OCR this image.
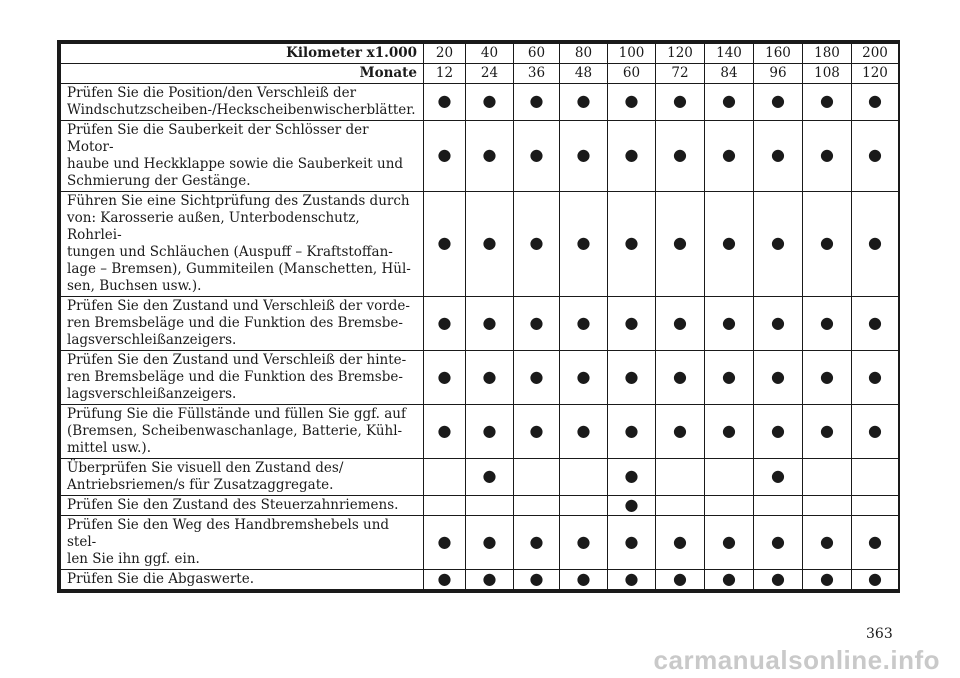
Kilometer x1.000	20	40	60	80	100	120	140	160	180	200
Monate	12	24	36	48	60	72	84	96	108	120
Prüfen Sie die Position/den Verschleiß der
Windschutzscheiben-/Heckscheibenwischerblätter.	●	●	●	●	●	●	●	●	●	●
Prüfen Sie die Sauberkeit der Schlösser der Motor-
haube und Heckklappe sowie die Sauberkeit und
Schmierung der Gestänge.	●	●	●	●	●	●	●	●	●	●
Führen Sie eine Sichtprüfung des Zustands durch
von: Karosserie außen, Unterbodenschutz, Rohrlei-
tungen und Schläuchen (Auspuff – Kraftstoffan-
lage – Bremsen), Gummiteilen (Manschetten, Hül-
sen, Buchsen usw.).	●	●	●	●	●	●	●	●	●	●
Prüfen Sie den Zustand und Verschleiß der vorde-
ren Bremsbeläge und die Funktion des Bremsbe-
lagsverschleißanzeigers.	●	●	●	●	●	●	●	●	●	●
Prüfen Sie den Zustand und Verschleiß der hinte-
ren Bremsbeläge und die Funktion des Bremsbe-
lagsverschleißanzeigers.	●	●	●	●	●	●	●	●	●	●
Prüfung Sie die Füllstände und füllen Sie ggf. auf
(Bremsen, Scheibenwaschanlage, Batterie, Kühl-
mittel usw.).	●	●	●	●	●	●	●	●	●	●
Überprüfen Sie visuell den Zustand des/
Antriebsriemen/s für Zusatzaggregate.		●			●			●		
Prüfen Sie den Zustand des Steuerzahnriemens.					●					
Prüfen Sie den Weg des Handbremshebels und stel-
len Sie ihn ggf. ein.	●	●	●	●	●	●	●	●	●	●
Prüfen Sie die Abgaswerte.	●	●	●	●	●	●	●	●	●	●
363
carmanualsonline.info
